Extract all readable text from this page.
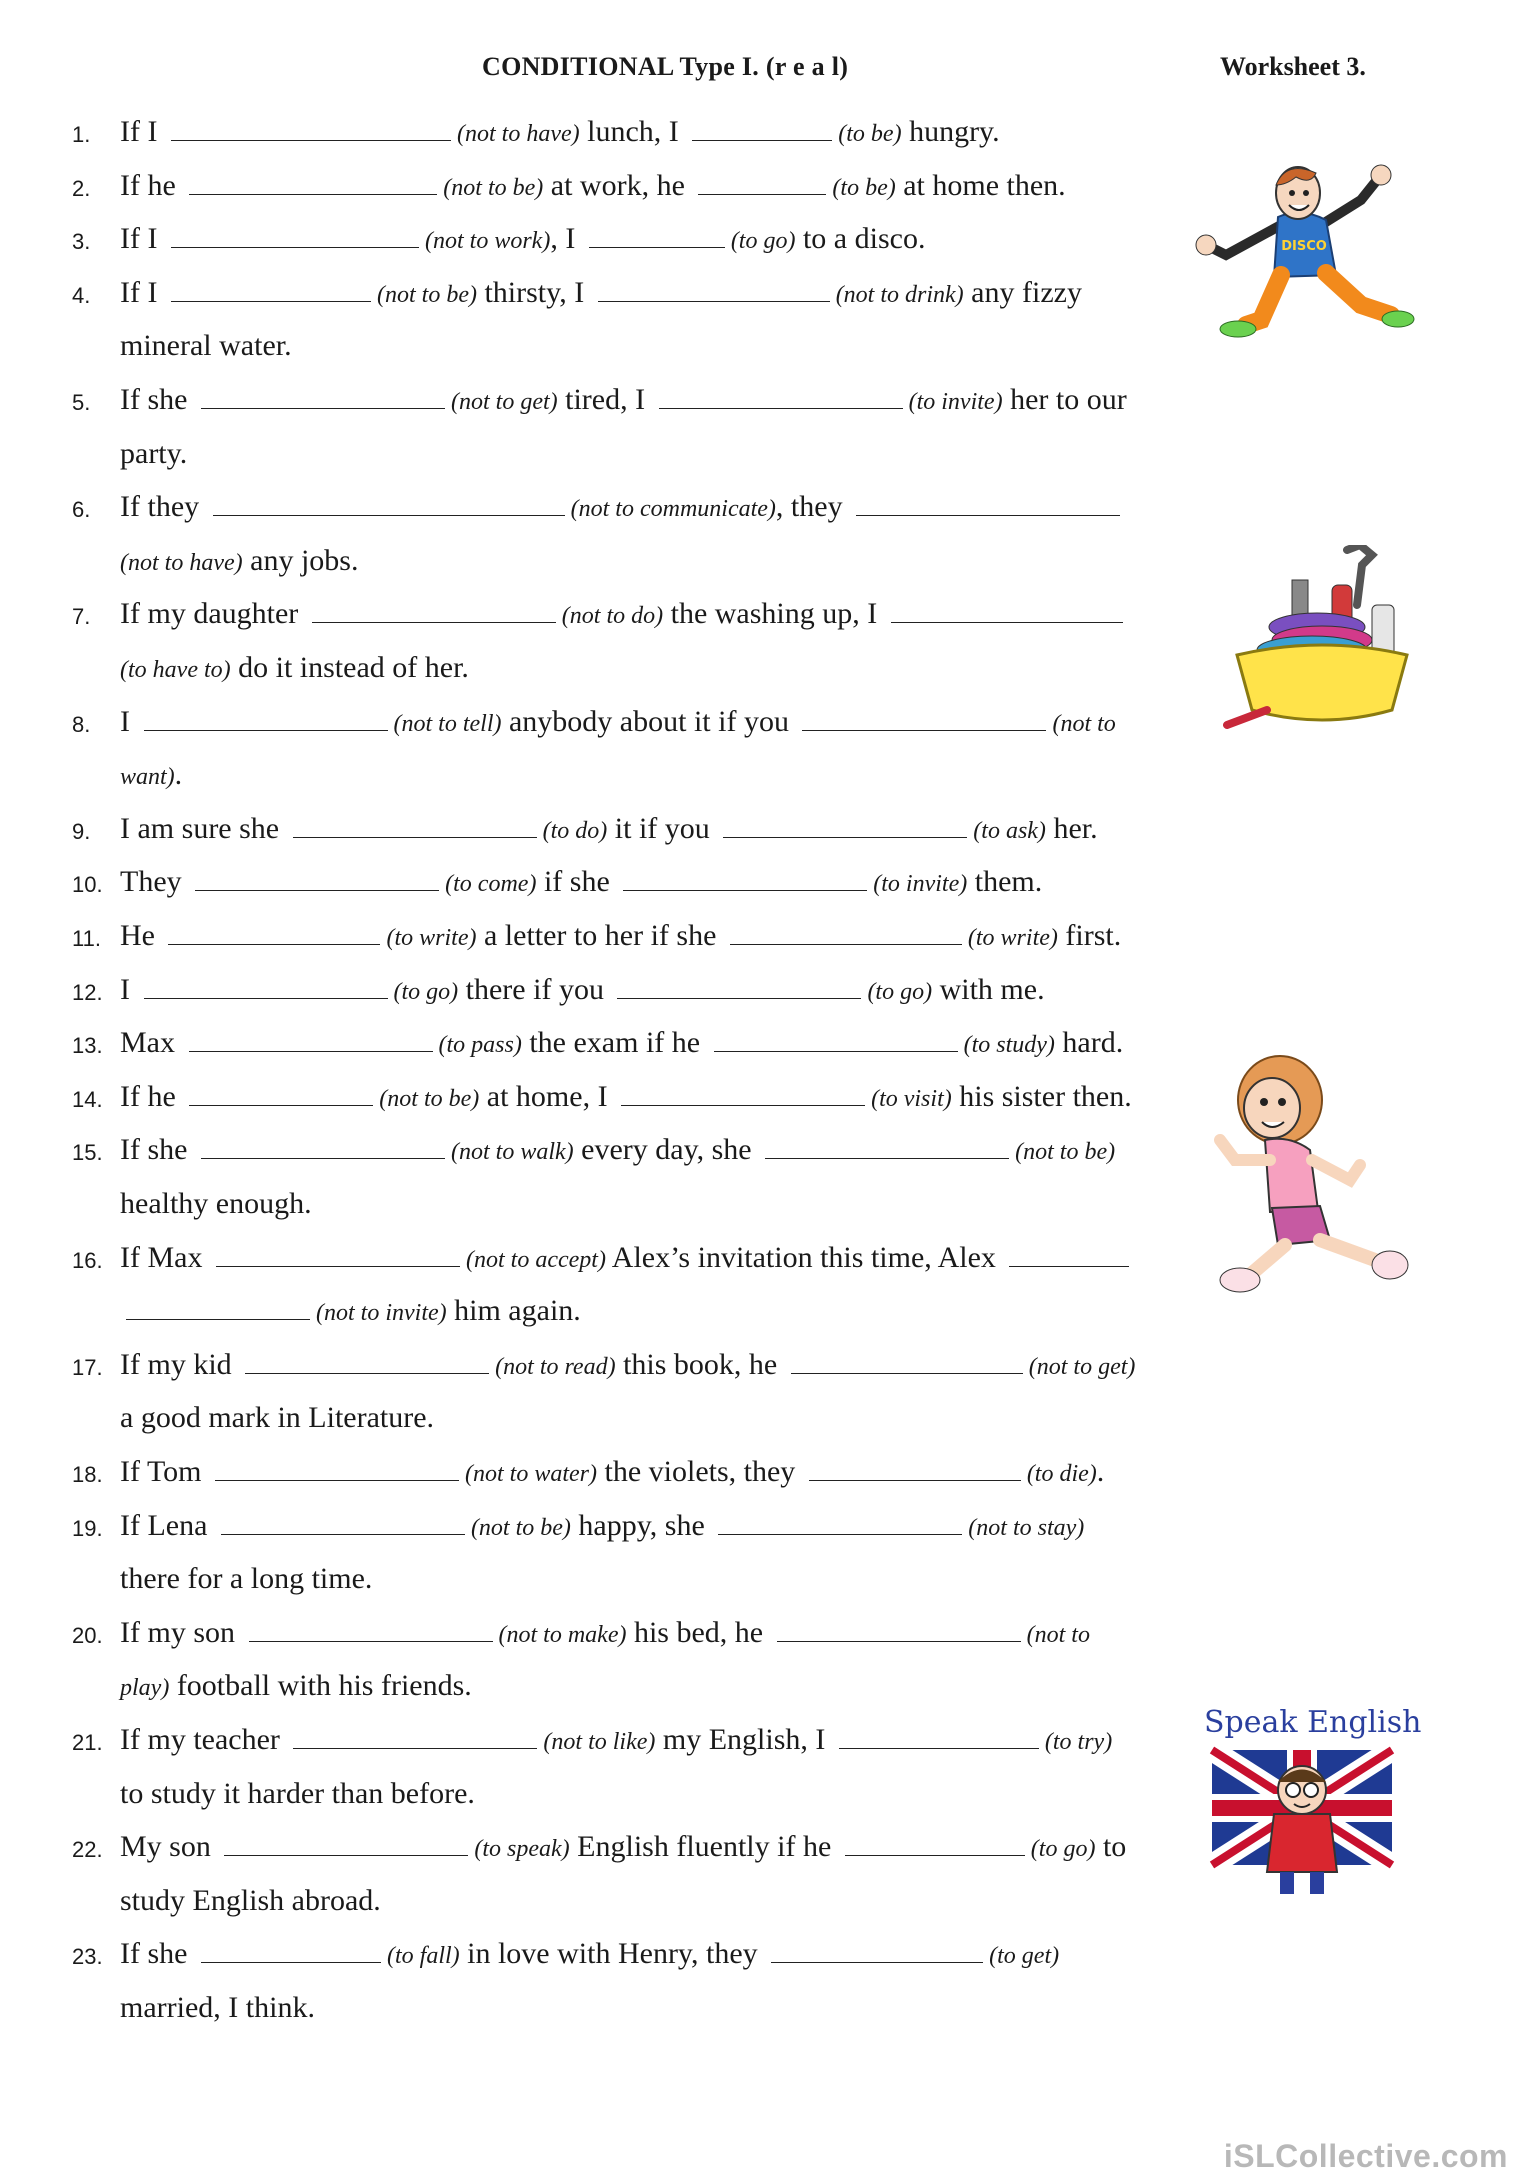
CONDITIONAL Type I. (r e a l)	Worksheet 3.
1. If I	(not to have) lunch, I	(to be) hungry.
2. If he	(not to be) at work, he	(to be) at home then.
3. If I	(not to work), I	(to go) to a disco.
4. If I	(not to be) thirsty, I	(not to drink) any fizzy
mineral water.
5. If she	(not to get) tired, I	(to invite) her to our
party.
6. If they	(not to communicate), they
(not to have) any jobs.
7. If my daughter	(not to do) the washing up, I
(to have to) do it instead of her.
8. I	(not to tell) anybody about it if you	(not to
want).
9. I am sure she	(to do) it if you	(to ask) her.
10. They	(to come) if she	(to invite) them.
11. He	(to write) a letter to her if she	(to write) first.
12. I	(to go) there if you	(to go) with me.
13. Max	(to pass) the exam if he	(to study) hard.
14. If he	(not to be) at home, I	(to visit) his sister then.
15. If she	(not to walk) every day, she	(not to be)
healthy enough.
16. If Max	(not to accept) Alex’s invitation this time, Alex
(not to invite) him again.
17. If my kid	(not to read) this book, he	(not to get)
a good mark in Literature.
18. If Tom	(not to water) the violets, they	(to die).
19. If Lena	(not to be) happy, she	(not to stay)
there for a long time.
20. If my son	(not to make) his bed, he	(not to
play) football with his friends.
21. If my teacher	(not to like) my English, I	(to try)
to study it harder than before.
22. My son	(to speak) English fluently if he	(to go) to
study English abroad.
23. If she	(to fall) in love with Henry, they	(to get)
married, I think.
DISCO
Speak English
iSLCollective.com
